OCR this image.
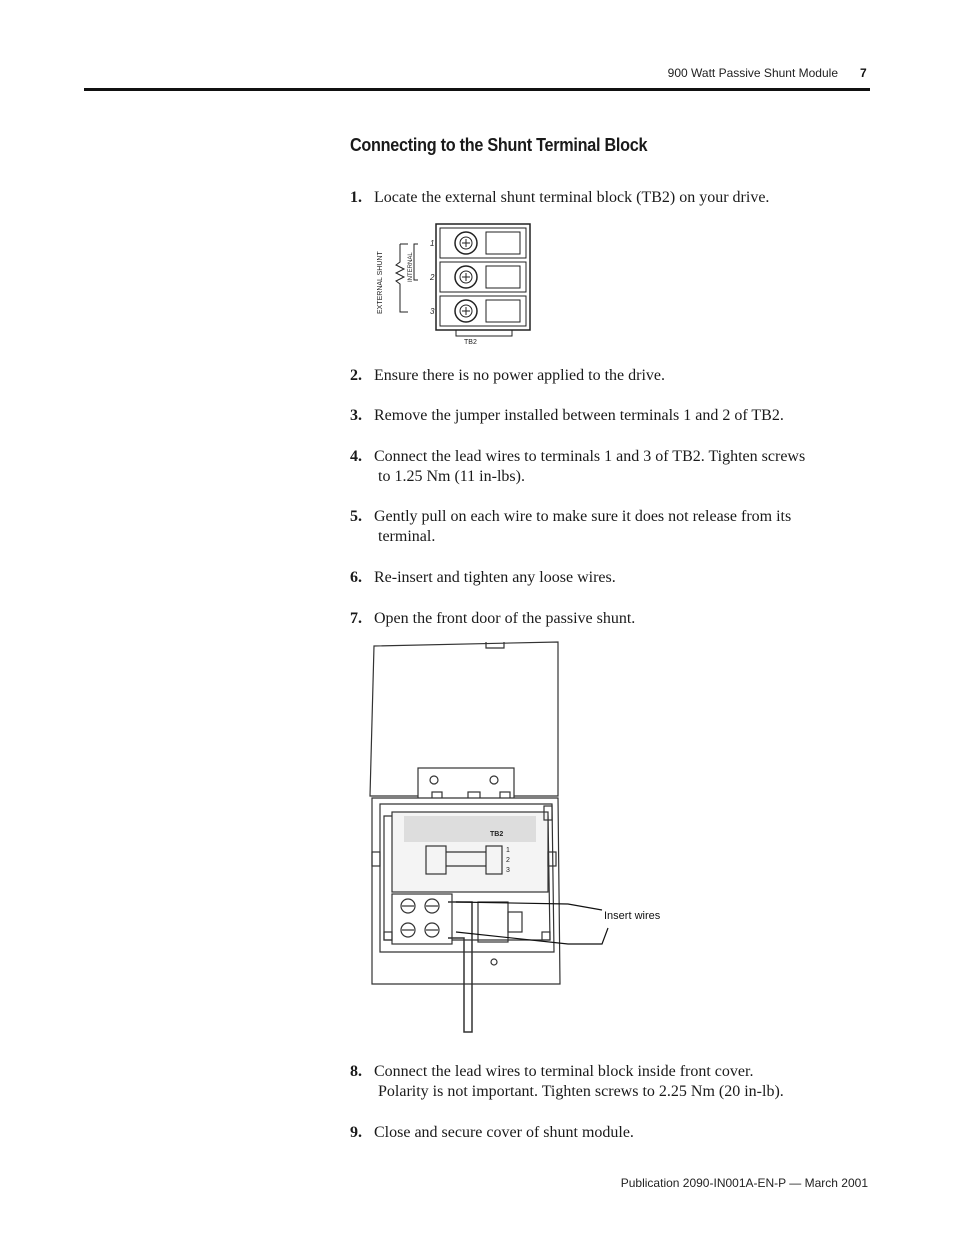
900 Watt Passive Shunt Module 7
Connecting to the Shunt Terminal Block
1. Locate the external shunt terminal block (TB2) on your drive.
EXTERNAL SHUNT	INTERNAL
1
2
3
TB2
2. Ensure there is no power applied to the drive.
3. Remove the jumper installed between terminals 1 and 2 of TB2.
4. Connect the lead wires to terminals 1 and 3 of TB2. Tighten screws
to 1.25 Nm (11 in-lbs).
5. Gently pull on each wire to make sure it does not release from its
terminal.
6. Re-insert and tighten any loose wires.
7. Open the front door of the passive shunt.
TB2
1
2
3
Insert wires
8. Connect the lead wires to terminal block inside front cover.
Polarity is not important. Tighten screws to 2.25 Nm (20 in-lb).
9. Close and secure cover of shunt module.
Publication 2090-IN001A-EN-P — March 2001
